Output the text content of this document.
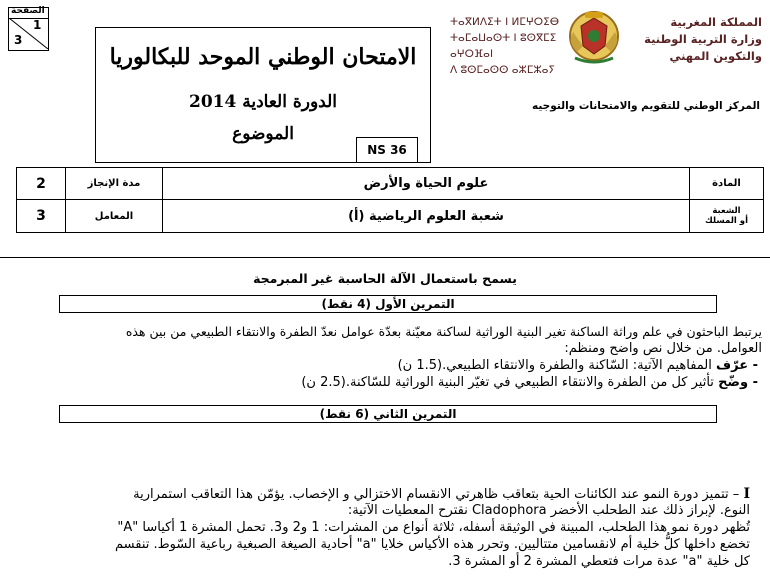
الصفحة
1
3
الامتحان الوطني الموحد للبكالوريا
الدورة العادية 2014
الموضوع
NS 36
المملكة المغربية
وزارة التربية الوطنية
والتكوين المهني
ⵜⴰⴳⵍⴷⵉⵜ ⵏ ⵍⵎⵖⵔⵉⴱ
ⵜⴰⵎⴰⵡⴰⵙⵜ ⵏ ⵓⵙⴳⵎⵉ ⴰⵖⵔⴼⴰⵏ
ⴷ ⵓⵙⵎⴰⵙⵙ ⴰⵣⵎⵣⴰⵢ
المركز الوطني للتقويم والامتحانات والتوجيه
2	مدة الإنجاز	علوم الحياة والأرض	المادة
3	المعامل	شعبة العلوم الرياضية (أ)	الشعبة
أو المسلك
يسمح باستعمال الآلة الحاسبة غير المبرمجة
التمرين الأول (4 نقط)
يرتبط الباحثون في علم وراثة الساكنة تغير البنية الوراثية لساكنة معيّنة بعدّة عوامل نعدّ الطفرة والانتقاء الطبيعي من بين هذه
العوامل. من خلال نص واضح ومنظم:
- عرّف المفاهيم الآتية: السّاكنة والطفرة والانتقاء الطبيعي.(1.5 ن)
- وضّح تأثير كل من الطفرة والانتقاء الطبيعي في تغيّر البنية الوراثية للسّاكنة.(2.5 ن)
التمرين الثاني (6 نقط)
I – تتميز دورة النمو عند الكائنات الحية بتعاقب ظاهرتي الانقسام الاختزالي و الإخصاب. يؤمّن هذا التعاقب استمرارية
النوع. لإبراز ذلك عند الطحلب الأخضر Cladophora نقترح المعطيات الآتية:
تُظهر دورة نمو هذا الطحلب، المبينة في الوثيقة أسفله، ثلاثة أنواع من المشرات: 1 و2 و3. تحمل المشرة 1 أكياسا "A"
تخضع داخلها كلُّ خلية أم لانقسامين متتاليين. وتحرر هذه الأكياس خلايا "a" أحادية الصيغة الصبغية رباعية السّوط. تنقسم
كل خلية "a" عدة مرات فتعطي المشرة 2 أو المشرة 3.
